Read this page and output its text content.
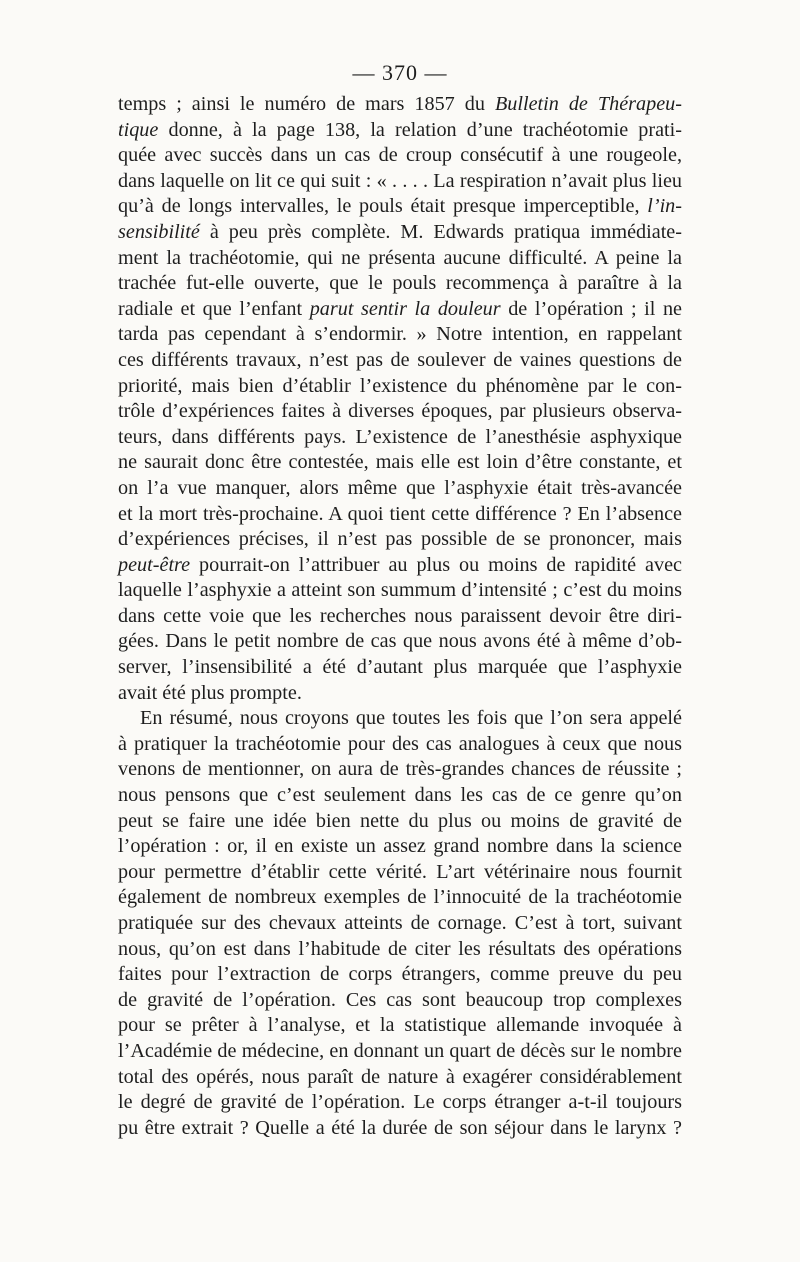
— 370 —
temps ; ainsi le numéro de mars 1857 du Bulletin de Thérapeu-
tique donne, à la page 138, la relation d’une trachéotomie prati-
quée avec succès dans un cas de croup consécutif à une rougeole,
dans laquelle on lit ce qui suit : « . . . . La respiration n’avait plus lieu
qu’à de longs intervalles, le pouls était presque imperceptible, l’in-
sensibilité à peu près complète. M. Edwards pratiqua immédiate-
ment la trachéotomie, qui ne présenta aucune difficulté. A peine la
trachée fut-elle ouverte, que le pouls recommença à paraître à la
radiale et que l’enfant parut sentir la douleur de l’opération ; il ne
tarda pas cependant à s’endormir. » Notre intention, en rappelant
ces différents travaux, n’est pas de soulever de vaines questions de
priorité, mais bien d’établir l’existence du phénomène par le con-
trôle d’expériences faites à diverses époques, par plusieurs observa-
teurs, dans différents pays. L’existence de l’anesthésie asphyxique
ne saurait donc être contestée, mais elle est loin d’être constante, et
on l’a vue manquer, alors même que l’asphyxie était très-avancée
et la mort très-prochaine. A quoi tient cette différence ? En l’absence
d’expériences précises, il n’est pas possible de se prononcer, mais
peut-être pourrait-on l’attribuer au plus ou moins de rapidité avec
laquelle l’asphyxie a atteint son summum d’intensité ; c’est du moins
dans cette voie que les recherches nous paraissent devoir être diri-
gées. Dans le petit nombre de cas que nous avons été à même d’ob-
server, l’insensibilité a été d’autant plus marquée que l’asphyxie
avait été plus prompte.
En résumé, nous croyons que toutes les fois que l’on sera appelé
à pratiquer la trachéotomie pour des cas analogues à ceux que nous
venons de mentionner, on aura de très-grandes chances de réussite ;
nous pensons que c’est seulement dans les cas de ce genre qu’on
peut se faire une idée bien nette du plus ou moins de gravité de
l’opération : or, il en existe un assez grand nombre dans la science
pour permettre d’établir cette vérité. L’art vétérinaire nous fournit
également de nombreux exemples de l’innocuité de la trachéotomie
pratiquée sur des chevaux atteints de cornage. C’est à tort, suivant
nous, qu’on est dans l’habitude de citer les résultats des opérations
faites pour l’extraction de corps étrangers, comme preuve du peu
de gravité de l’opération. Ces cas sont beaucoup trop complexes
pour se prêter à l’analyse, et la statistique allemande invoquée à
l’Académie de médecine, en donnant un quart de décès sur le nombre
total des opérés, nous paraît de nature à exagérer considérablement
le degré de gravité de l’opération. Le corps étranger a-t-il toujours
pu être extrait ? Quelle a été la durée de son séjour dans le larynx ?
